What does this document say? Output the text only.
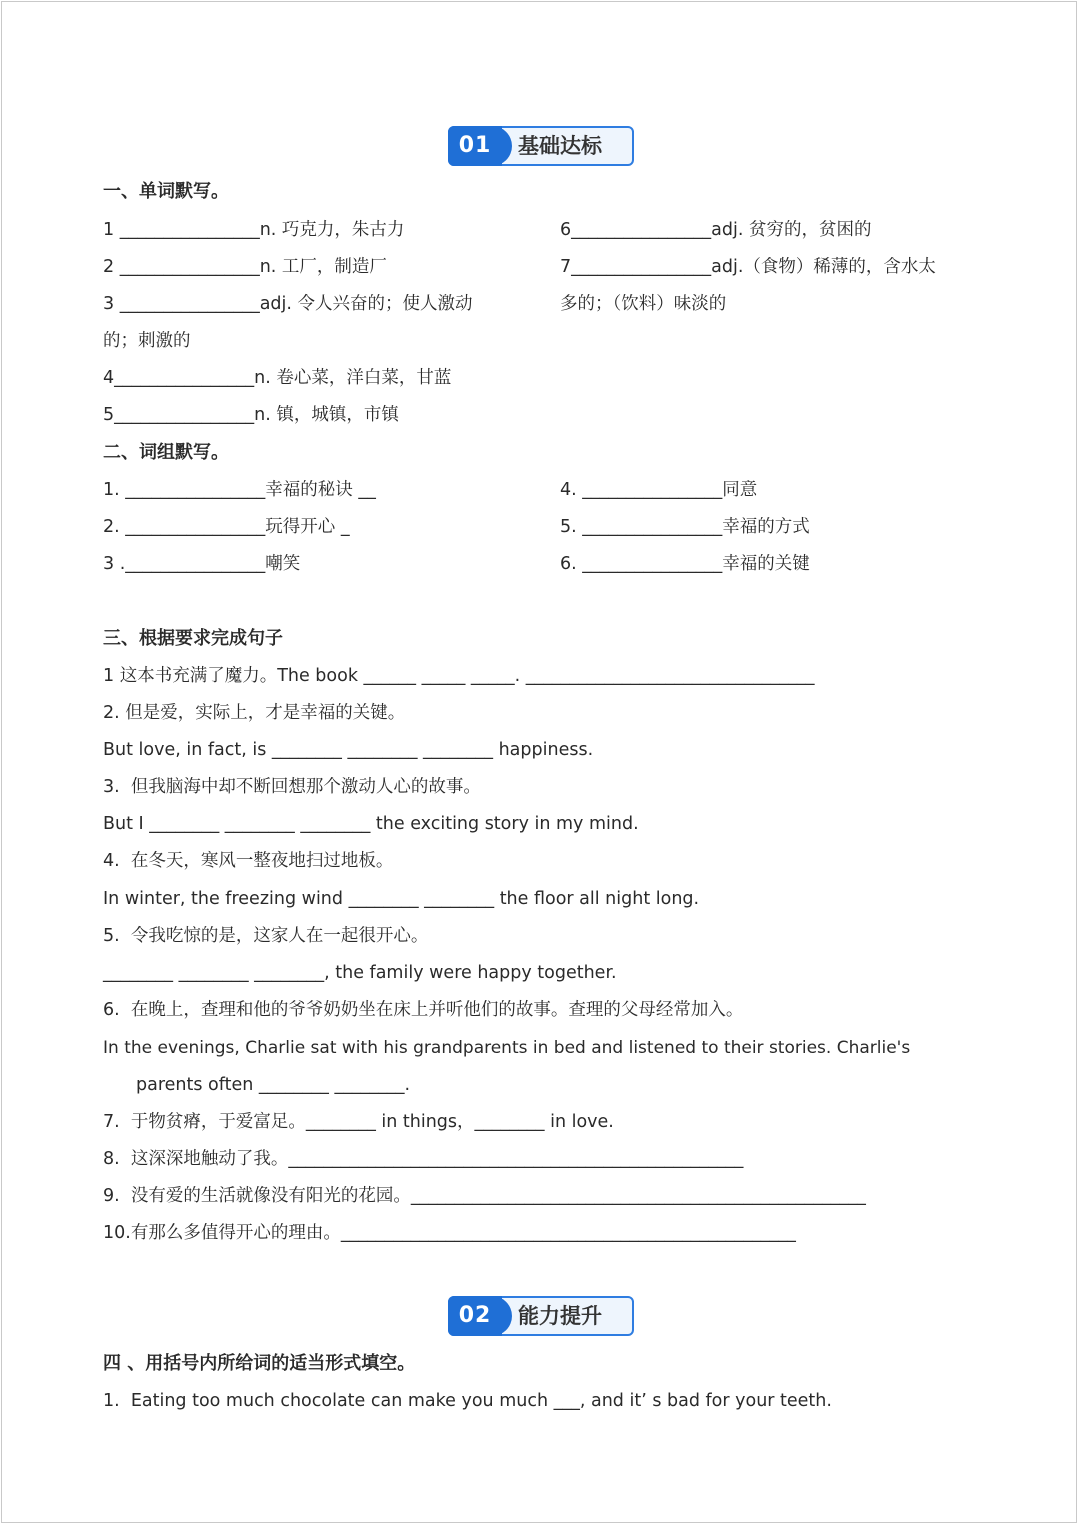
01	基础达标
一、单词默写。
1 ________________n. 巧克力，朱古力	6________________adj. 贫穷的，贫困的
2 ________________n. 工厂，制造厂	7________________adj.（食物）稀薄的，含水太
3 ________________adj. 令人兴奋的；使人激动	多的；（饮料）味淡的
的；刺激的
4________________n. 卷心菜，洋白菜，甘蓝
5________________n. 镇，城镇，市镇
二、词组默写。
1. ________________幸福的秘诀 __	4. ________________同意
2. ________________玩得开心 _	5. ________________幸福的方式
3 .________________嘲笑	6. ________________幸福的关键
三、根据要求完成句子
1 这本书充满了魔力。The book ______ _____ _____. _________________________________
2. 但是爱，实际上，才是幸福的关键。
But love, in fact, is ________ ________ ________ happiness.
3.  但我脑海中却不断回想那个激动人心的故事。
But I ________ ________ ________ the exciting story in my mind.
4.  在冬天，寒风一整夜地扫过地板。
In winter, the freezing wind ________ ________ the floor all night long.
5.  令我吃惊的是，这家人在一起很开心。
________ ________ ________, the family were happy together.
6.  在晚上，查理和他的爷爷奶奶坐在床上并听他们的故事。查理的父母经常加入。
In the evenings, Charlie sat with his grandparents in bed and listened to their stories. Charlie's
parents often ________ ________.
7.  于物贫瘠，于爱富足。________ in things，________ in love.
8.  这深深地触动了我。____________________________________________________
9.  没有爱的生活就像没有阳光的花园。____________________________________________________
10.有那么多值得开心的理由。____________________________________________________
02	能力提升
四 、用括号内所给词的适当形式填空。
1.  Eating too much chocolate can make you much ___, and it’ s bad for your teeth.
